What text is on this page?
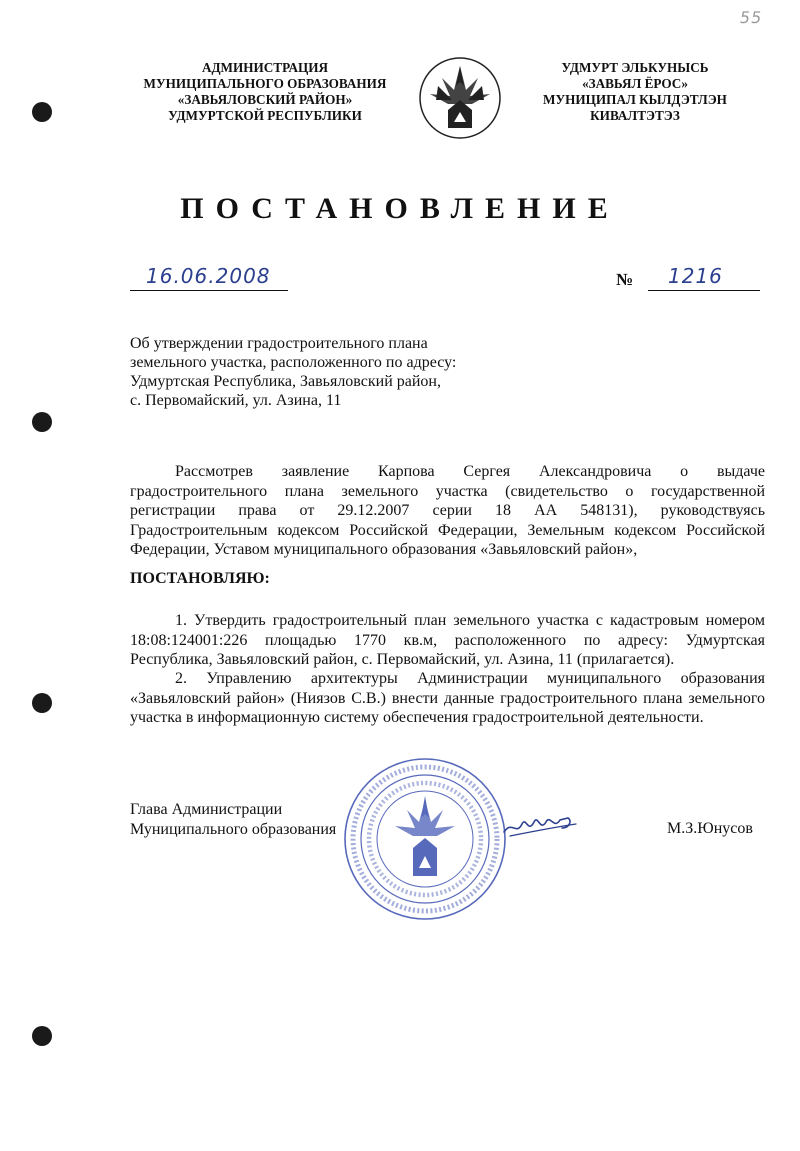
55
АДМИНИСТРАЦИЯ
МУНИЦИПАЛЬНОГО ОБРАЗОВАНИЯ
«ЗАВЬЯЛОВСКИЙ РАЙОН»
УДМУРТСКОЙ РЕСПУБЛИКИ
УДМУРТ ЭЛЬКУНЫСЬ
«ЗАВЬЯЛ ЁРОС»
МУНИЦИПАЛ КЫЛДЭТЛЭН
КИВАЛТЭТЭЗ
ПОСТАНОВЛЕНИЕ
16.06.2008	№ 1216
Об утверждении градостроительного плана
земельного участка, расположенного по адресу:
Удмуртская Республика, Завьяловский район,
с. Первомайский, ул. Азина, 11
Рассмотрев заявление Карпова Сергея Александровича о выдаче
градостроительного плана земельного участка (свидетельство о государственной
регистрации права от 29.12.2007 серии 18 АА 548131), руководствуясь
Градостроительным кодексом Российской Федерации, Земельным кодексом Российской
Федерации, Уставом муниципального образования «Завьяловский район»,
ПОСТАНОВЛЯЮ:
1. Утвердить градостроительный план земельного участка с кадастровым номером
18:08:124001:226 площадью 1770 кв.м, расположенного по адресу: Удмуртская
Республика, Завьяловский район, с. Первомайский, ул. Азина, 11 (прилагается).
2. Управлению архитектуры Администрации муниципального образования
«Завьяловский район» (Ниязов С.В.) внести данные градостроительного плана земельного
участка в информационную систему обеспечения градостроительной деятельности.
Глава Администрации
Муниципального образования	М.З.Юнусов
